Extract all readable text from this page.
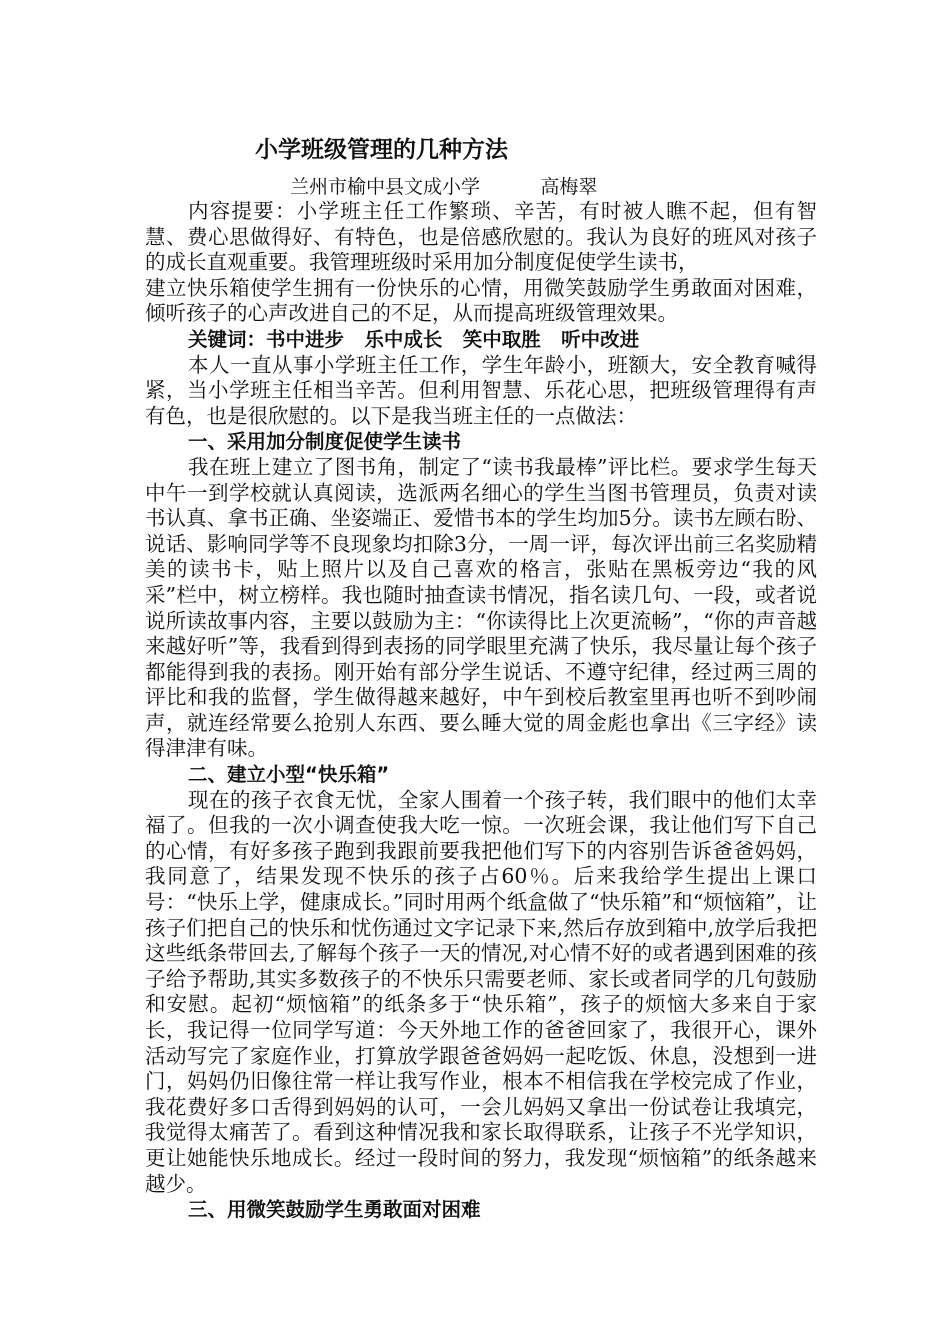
小学班级管理的几种方法
兰州市榆中县文成小学          高梅翠

内容提要：小学班主任工作繁琐、辛苦，有时被人瞧不起，但有智慧、费心思做得好、有特色，也是倍感欣慰的。我认为良好的班风对孩子的成长直观重要。我管理班级时采用加分制度促使学生读书，

建立快乐箱使学生拥有一份快乐的心情，用微笑鼓励学生勇敢面对困难，倾听孩子的心声改进自己的不足，从而提高班级管理效果。

关键词：书中进步   乐中成长   笑中取胜   听中改进

本人一直从事小学班主任工作，学生年龄小，班额大，安全教育喊得紧，当小学班主任相当辛苦。但利用智慧、乐花心思，把班级管理得有声有色，也是很欣慰的。以下是我当班主任的一点做法：

一、采用加分制度促使学生读书

我在班上建立了图书角，制定了“读书我最棒”评比栏。要求学生每天中午一到学校就认真阅读，选派两名细心的学生当图书管理员，负责对读书认真、拿书正确、坐姿端正、爱惜书本的学生均加5分。读书左顾右盼、说话、影响同学等不良现象均扣除3分，一周一评，每次评出前三名奖励精美的读书卡，贴上照片以及自己喜欢的格言，张贴在黑板旁边“我的风采”栏中，树立榜样。我也随时抽查读书情况，指名读几句、一段，或者说说所读故事内容，主要以鼓励为主：“你读得比上次更流畅”，“你的声音越来越好听”等，我看到得到表扬的同学眼里充满了快乐，我尽量让每个孩子都能得到我的表扬。刚开始有部分学生说话、不遵守纪律，经过两三周的评比和我的监督，学生做得越来越好，中午到校后教室里再也听不到吵闹声，就连经常要么抢别人东西、要么睡大觉的周金彪也拿出《三字经》读得津津有味。

二、建立小型“快乐箱”

现在的孩子衣食无忧，全家人围着一个孩子转，我们眼中的他们太幸福了。但我的一次小调查使我大吃一惊。一次班会课，我让他们写下自己的心情，有好多孩子跑到我跟前要我把他们写下的内容别告诉爸爸妈妈，我同意了，结果发现不快乐的孩子占60％。后来我给学生提出上课口号：“快乐上学，健康成长。”同时用两个纸盒做了“快乐箱”和“烦恼箱”，让孩子们把自己的快乐和忧伤通过文字记录下来,然后存放到箱中,放学后我把这些纸条带回去,了解每个孩子一天的情况,对心情不好的或者遇到困难的孩子给予帮助,其实多数孩子的不快乐只需要老师、家长或者同学的几句鼓励和安慰。起初“烦恼箱”的纸条多于“快乐箱”，孩子的烦恼大多来自于家长，我记得一位同学写道：今天外地工作的爸爸回家了，我很开心，课外活动写完了家庭作业，打算放学跟爸爸妈妈一起吃饭、休息，没想到一进门，妈妈仍旧像往常一样让我写作业，根本不相信我在学校完成了作业，我花费好多口舌得到妈妈的认可，一会儿妈妈又拿出一份试卷让我填完，我觉得太痛苦了。看到这种情况我和家长取得联系，让孩子不光学知识，更让她能快乐地成长。经过一段时间的努力，我发现“烦恼箱”的纸条越来越少。

三、用微笑鼓励学生勇敢面对困难
